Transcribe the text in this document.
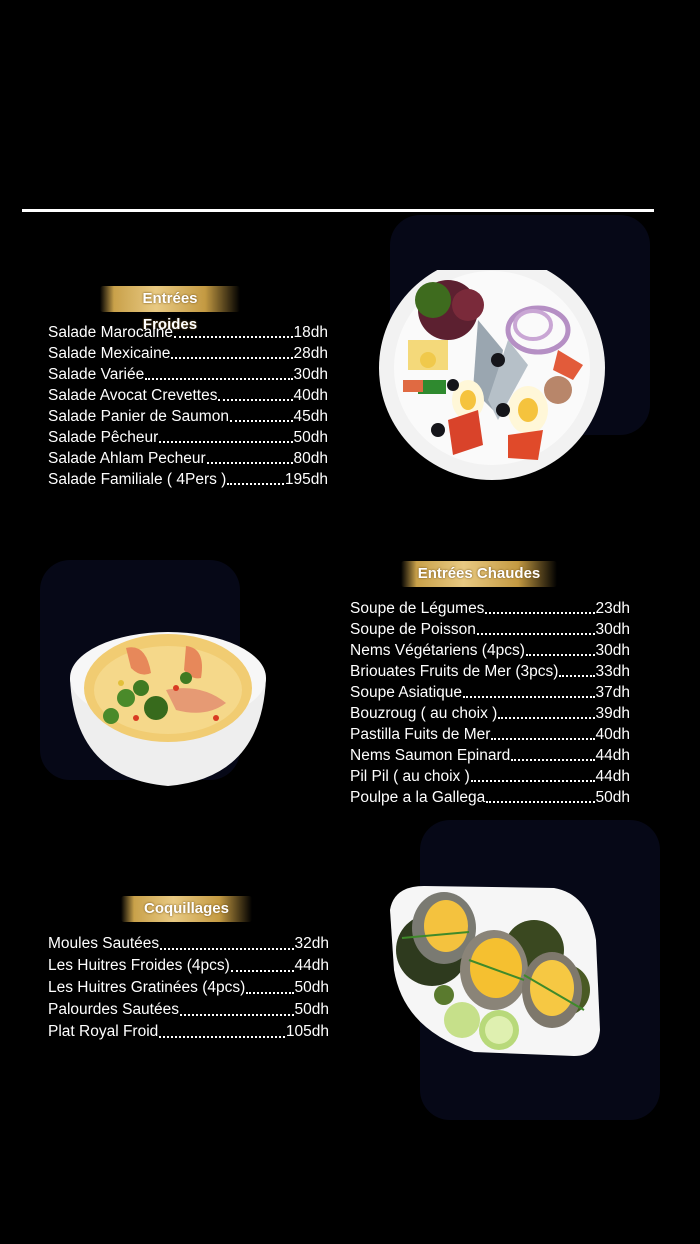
Entrées Froides
Salade Marocaine	18dh
Salade Mexicaine	28dh
Salade Variée	30dh
Salade Avocat Crevettes	40dh
Salade Panier de Saumon	45dh
Salade Pêcheur	50dh
Salade Ahlam Pecheur	80dh
Salade Familiale ( 4Pers )	195dh
Entrées Chaudes
Soupe de Légumes	23dh
Soupe de Poisson	30dh
Nems Végétariens (4pcs)	30dh
Briouates Fruits de Mer (3pcs) 33dh
Soupe Asiatique	37dh
Bouzroug ( au choix )	39dh
Pastilla Fuits de Mer	40dh
Nems Saumon Epinard	44dh
Pil Pil ( au choix )	44dh
Poulpe a la Gallega	50dh
Coquillages
Moules Sautées	32dh
Les Huitres Froides (4pcs)	44dh
Les Huitres Gratinées (4pcs)	50dh
Palourdes Sautées	50dh
Plat Royal Froid	105dh
